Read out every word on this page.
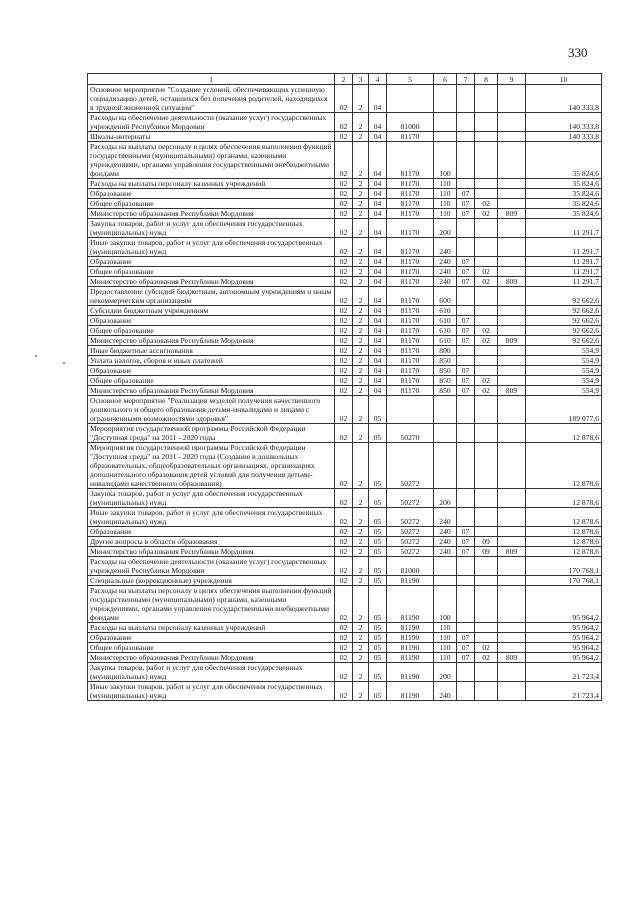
330
1	2	3	4	5	6	7	8	9	10
Основное мероприятие "Создание условий, обеспечивающих успешную социализацию детей, оставшихся без попечения родителей, находящихся в трудной жизненной ситуации"	02	2	04						140 333,8
Расходы на обеспечение деятельности (оказание услуг) государственных учреждений Республики Мордовия	02	2	04	81000					140 333,8
Школы-интернаты	02	2	04	81170					140 333,8
Расходы на выплаты персоналу в целях обеспечения выполнения функций государственными (муниципальными) органами, казенными учреждениями, органами управления государственными внебюджетными фондами	02	2	04	81170	100				35 824,6
Расходы на выплаты персоналу казенных учреждений	02	2	04	81170	110				35 824,6
Образование	02	2	04	81170	110	07			35 824,6
Общее образование	02	2	04	81170	110	07	02		35 824,6
Министерство образования Республики Мордовия	02	2	04	81170	110	07	02	809	35 824,6
Закупка товаров, работ и услуг для обеспечения государственных (муниципальных) нужд	02	2	04	81170	200				11 291,7
Иные закупки товаров, работ и услуг для обеспечения государственных (муниципальных) нужд	02	2	04	81170	240				11 291,7
Образование	02	2	04	81170	240	07			11 291,7
Общее образование	02	2	04	81170	240	07	02		11 291,7
Министерство образования Республики Мордовия	02	2	04	81170	240	07	02	809	11 291,7
Предоставление субсидий бюджетным, автономным учреждениям и иным некоммерческим организациям	02	2	04	81170	600				92 662,6
Субсидии бюджетным учреждениям	02	2	04	81170	610				92 662,6
Образование	02	2	04	81170	610	07			92 662,6
Общее образование	02	2	04	81170	610	07	02		92 662,6
Министерство образования Республики Мордовия	02	2	04	81170	610	07	02	809	92 662,6
Иные бюджетные ассигнования	02	2	04	81170	800				554,9
Уплата налогов, сборов и иных платежей	02	2	04	81170	850				554,9
Образование	02	2	04	81170	850	07			554,9
Общее образование	02	2	04	81170	850	07	02		554,9
Министерство образования Республики Мордовия	02	2	04	81170	850	07	02	809	554,9
Основное мероприятие "Реализация моделей получения качественного дошкольного и общего образования детьми-инвалидами и лицами с ограниченными возможностями здоровья"	02	2	05						189 077,6
Мероприятия государственной программы Российской Федерации "Доступная среда" на 2011 - 2020 годы	02	2	05	50270					12 878,6
Мероприятия государственной программы Российской Федерации "Доступная среда" на 2011 - 2020 годы (Создание в дошкольных образовательных, общеобразовательных организациях, организациях дополнительного образования детей условий для получения детьми-инвалидами качественного образования)	02	2	05	50272					12 878,6
Закупка товаров, работ и услуг для обеспечения государственных (муниципальных) нужд	02	2	05	50272	200				12 878,6
Иные закупки товаров, работ и услуг для обеспечения государственных (муниципальных) нужд	02	2	05	50272	240				12 878,6
Образование	02	2	05	50272	240	07			12 878,6
Другие вопросы в области образования	02	2	05	50272	240	07	09		12 878,6
Министерство образования Республики Мордовия	02	2	05	50272	240	07	09	809	12 878,6
Расходы на обеспечение деятельности (оказание услуг) государственных учреждений Республики Мордовия	02	2	05	81000					170 768,1
Специальные (коррекционные) учреждения	02	2	05	81190					170 768,1
Расходы на выплаты персоналу в целях обеспечения выполнения функций государственными (муниципальными) органами, казенными учреждениями, органами управления государственными внебюджетными фондами	02	2	05	81190	100				95 964,2
Расходы на выплаты персоналу казенных учреждений	02	2	05	81190	110				95 964,2
Образование	02	2	05	81190	110	07			95 964,2
Общее образование	02	2	05	81190	110	07	02		95 964,2
Министерство образования Республики Мордовия	02	2	05	81190	110	07	02	809	95 964,2
Закупка товаров, работ и услуг для обеспечения государственных (муниципальных) нужд	02	2	05	81190	200				21 723,4
Иные закупки товаров, работ и услуг для обеспечения государственных (муниципальных) нужд	02	2	05	81190	240				21 723,4
